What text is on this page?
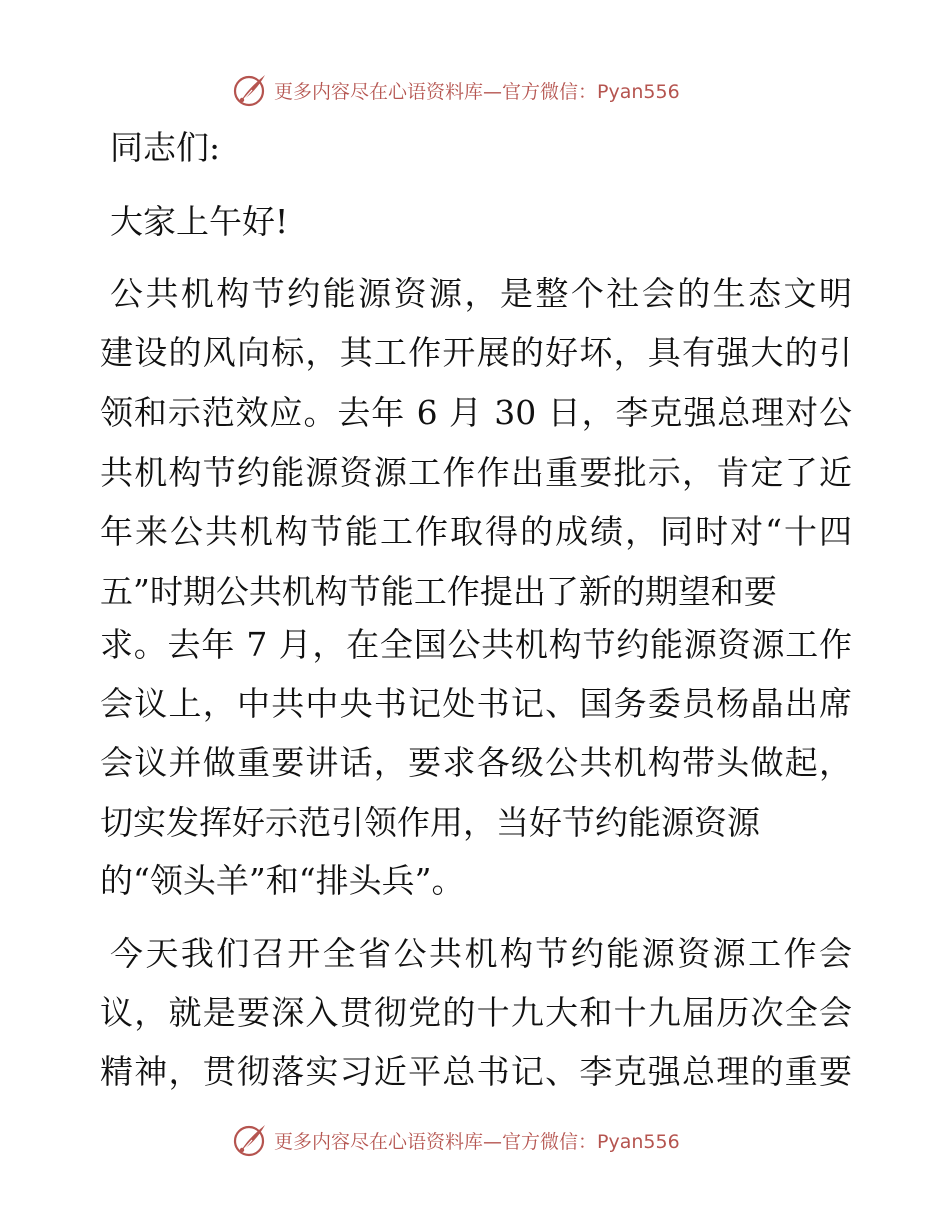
更多内容尽在心语资料库—官方微信：Pyan556
同志们:
大家上午好!
公共机构节约能源资源，是整个社会的生态文明
建设的风向标，其工作开展的好坏，具有强大的引
领和示范效应。去年 6 月 30 日，李克强总理对公
共机构节约能源资源工作作出重要批示，肯定了近
年来公共机构节能工作取得的成绩，同时对“十四
五”时期公共机构节能工作提出了新的期望和要
求。去年 7 月，在全国公共机构节约能源资源工作
会议上，中共中央书记处书记、国务委员杨晶出席
会议并做重要讲话，要求各级公共机构带头做起，
切实发挥好示范引领作用，当好节约能源资源
的“领头羊”和“排头兵”。
今天我们召开全省公共机构节约能源资源工作会
议，就是要深入贯彻党的十九大和十九届历次全会
精神，贯彻落实习近平总书记、李克强总理的重要
更多内容尽在心语资料库—官方微信：Pyan556
